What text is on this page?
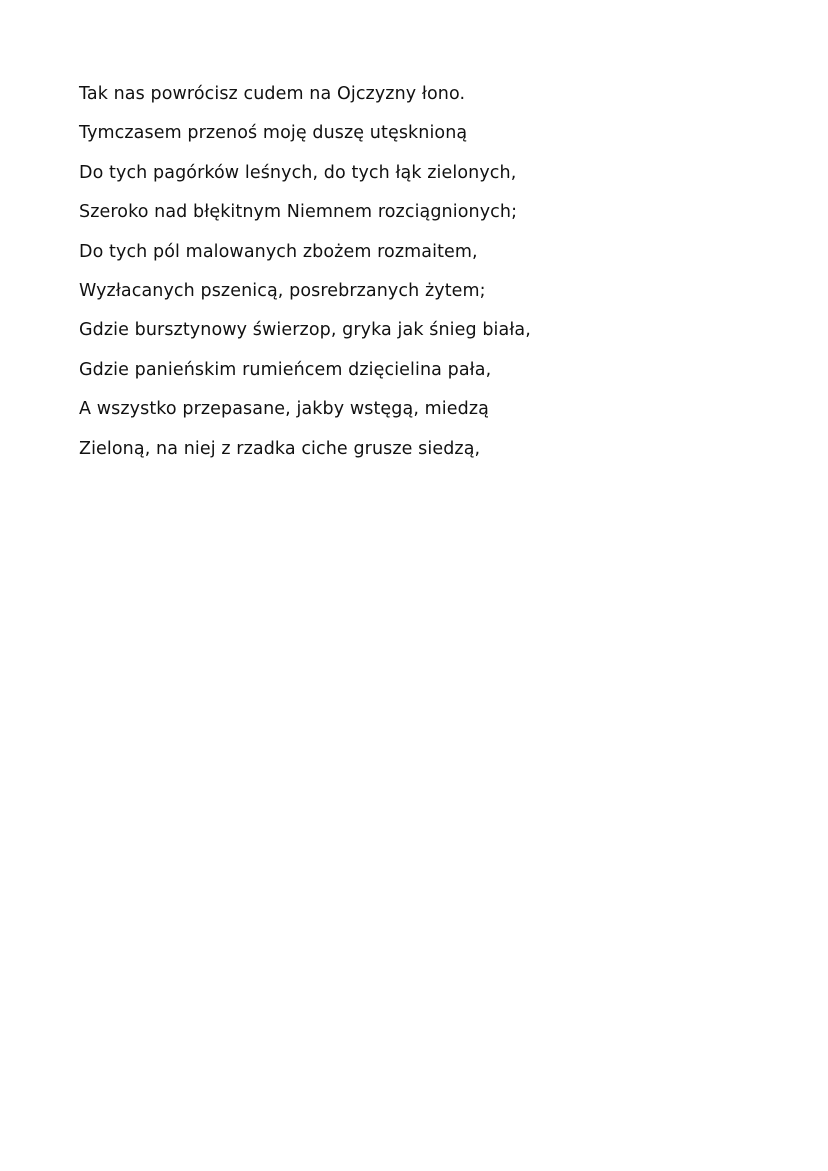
Tak nas powrócisz cudem na Ojczyzny łono.
Tymczasem przenoś moję duszę utęsknioną
Do tych pagórków leśnych, do tych łąk zielonych,
Szeroko nad błękitnym Niemnem rozciągnionych;
Do tych pól malowanych zbożem rozmaitem,
Wyzłacanych pszenicą, posrebrzanych żytem;
Gdzie bursztynowy świerzop, gryka jak śnieg biała,
Gdzie panieńskim rumieńcem dzięcielina pała,
A wszystko przepasane, jakby wstęgą, miedzą
Zieloną, na niej z rzadka ciche grusze siedzą,
